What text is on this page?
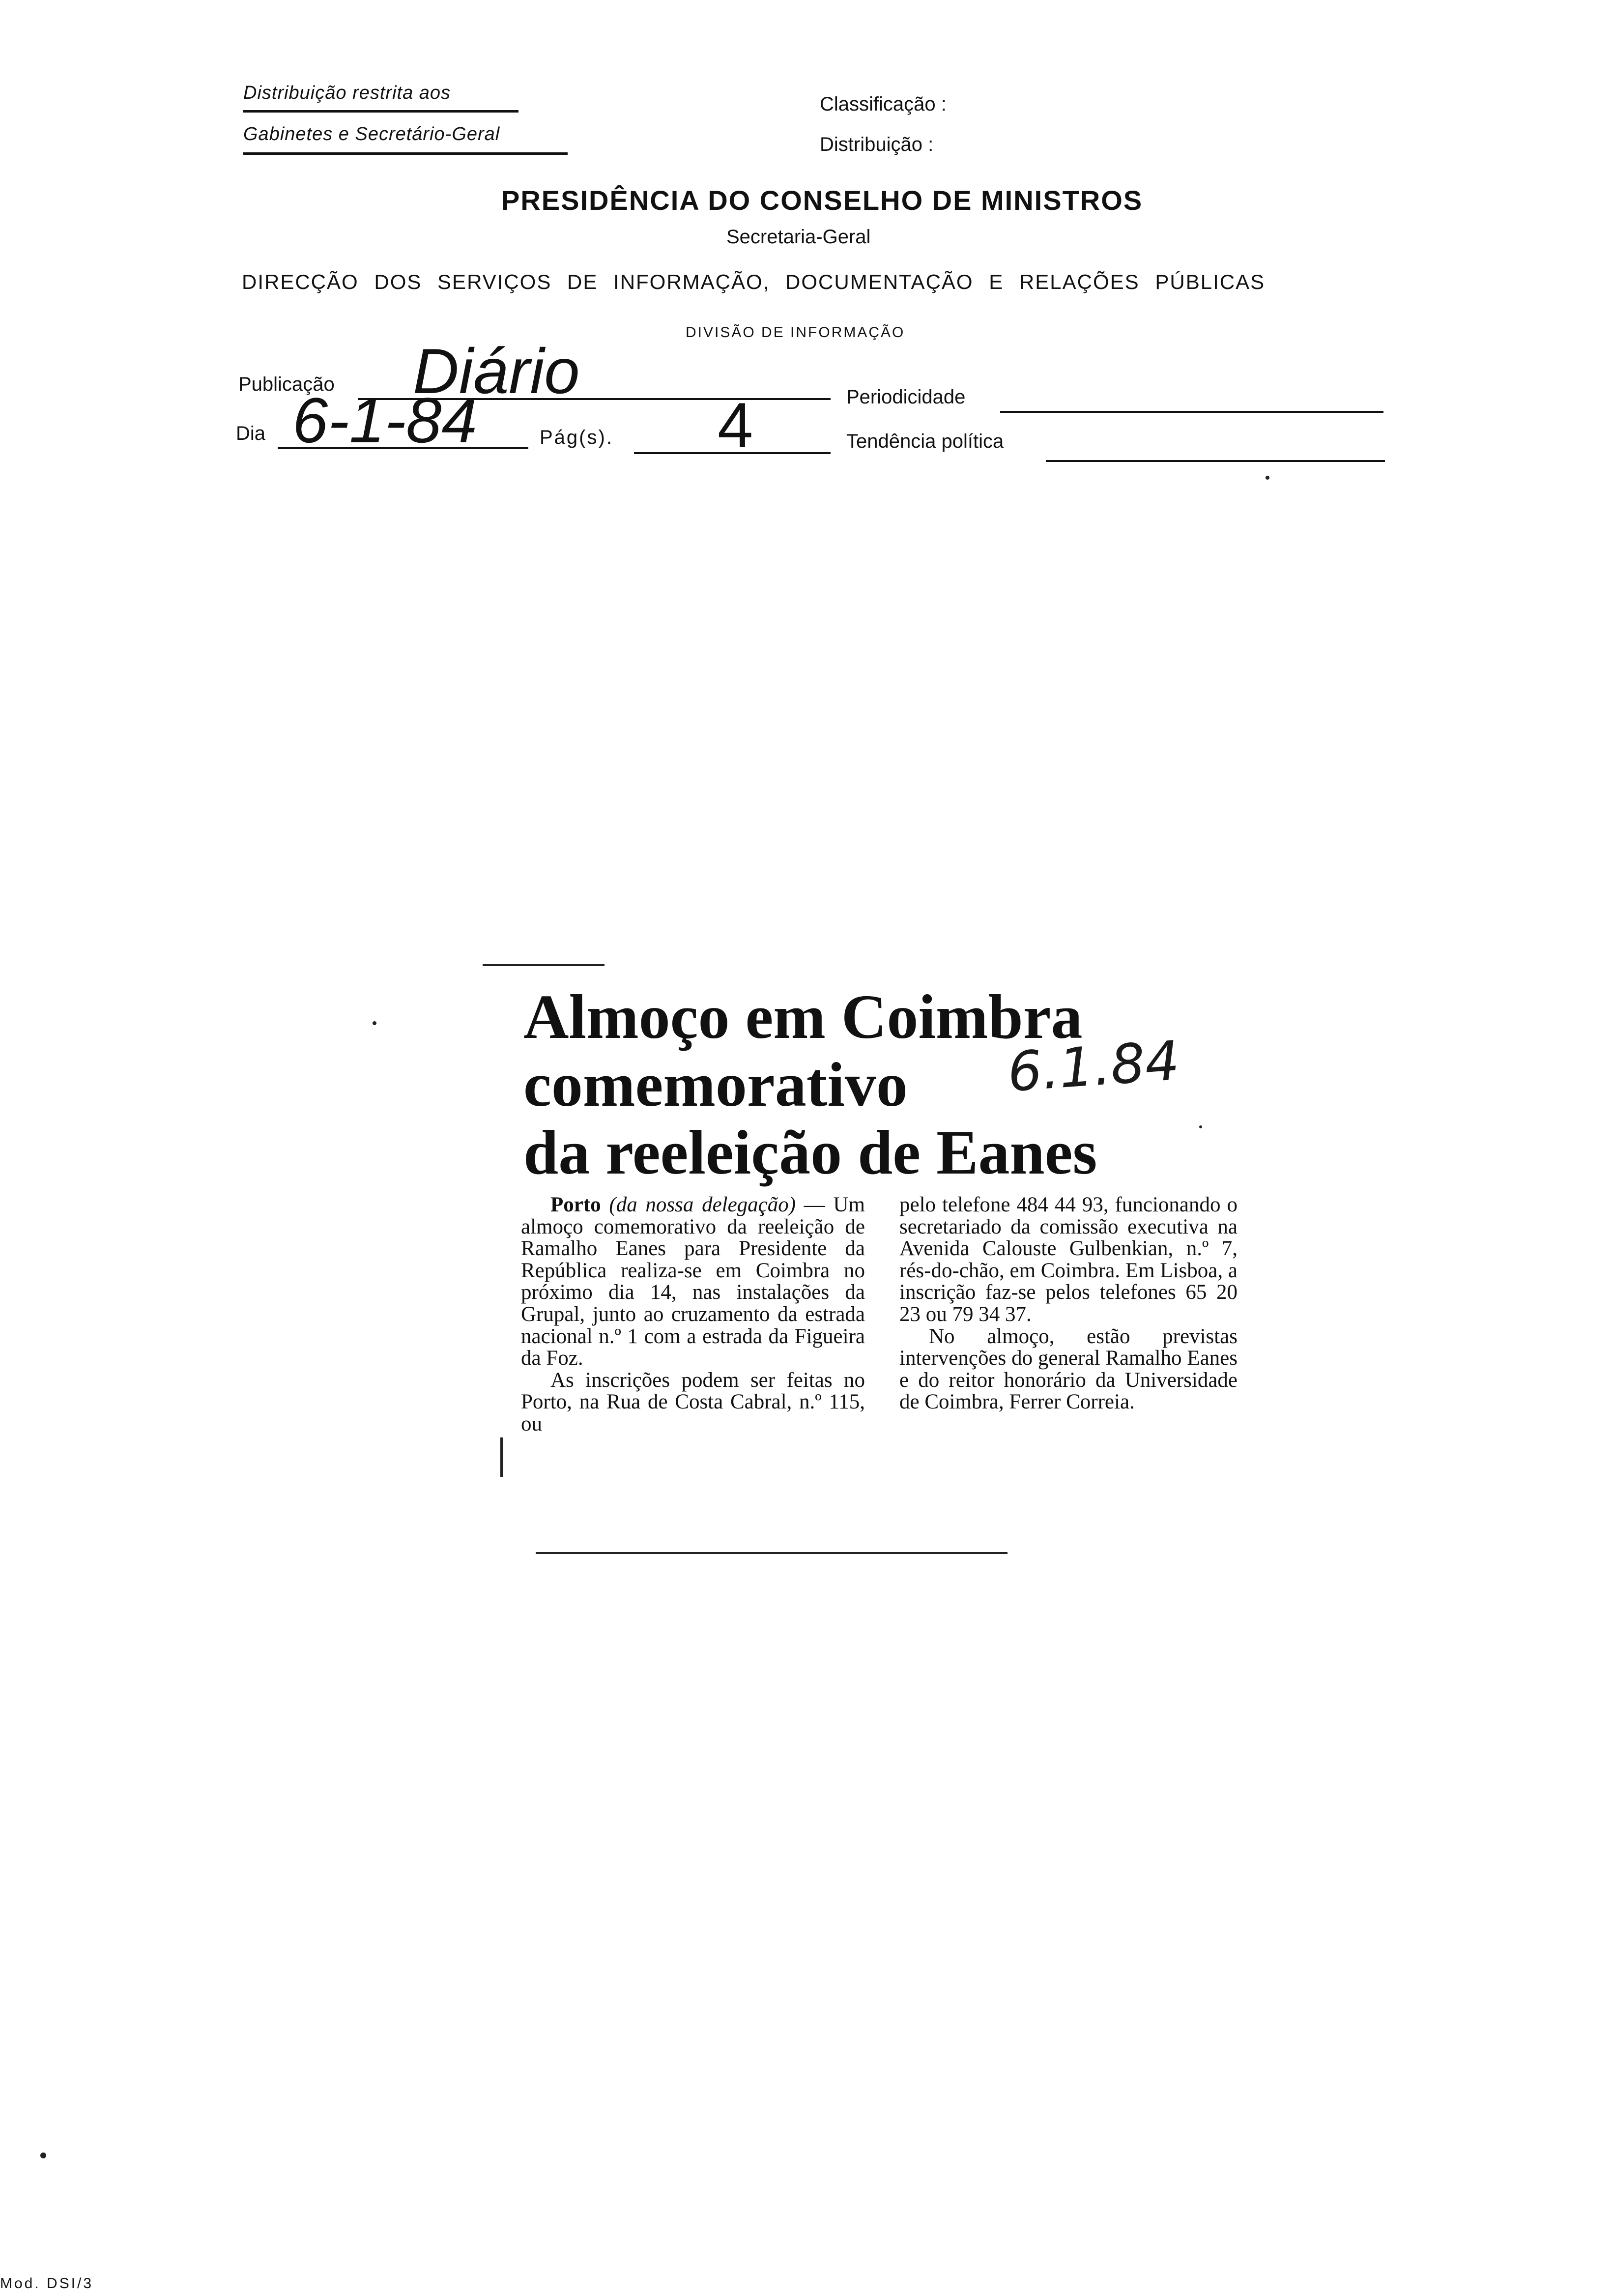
Distribuição restrita aos
Gabinetes e Secretário-Geral
Classificação :
Distribuição :
PRESIDÊNCIA DO CONSELHO DE MINISTROS
Secretaria-Geral
DIRECÇÃO DOS SERVIÇOS DE INFORMAÇÃO, DOCUMENTAÇÃO E RELAÇÕES PÚBLICAS
DIVISÃO DE INFORMAÇÃO
Publicação Diário	Periodicidade
Dia 6-1-84	Pág(s). 4	Tendência política
Almoço em Coimbra
comemorativo
da reeleição de Eanes
6.1.84

Porto (da nossa delegação) — Um almoço comemorativo da reeleição de Ramalho Eanes para Presidente da República realiza-se em Coimbra no próximo dia 14, nas instalações da Grupal, junto ao cruzamento da estrada nacional n.º 1 com a estrada da Figueira da Foz.

As inscrições podem ser feitas no Porto, na Rua de Costa Cabral, n.º 115, ou

pelo telefone 484 44 93, funcionando o secretariado da comissão executiva na Avenida Calouste Gulbenkian, n.º 7, rés-do-chão, em Coimbra. Em Lisboa, a inscrição faz-se pelos telefones 65 20 23 ou 79 34 37.

No almoço, estão previstas intervenções do general Ramalho Eanes e do reitor honorário da Universidade de Coimbra, Ferrer Correia.

Mod. DSI/3
